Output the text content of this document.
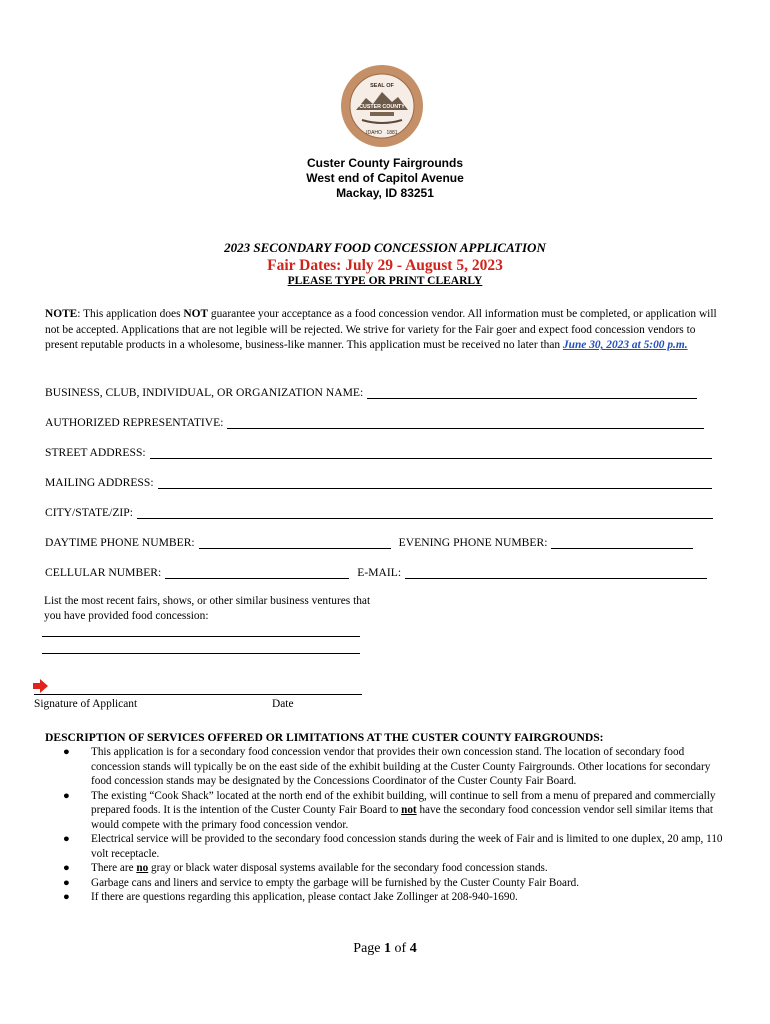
SEAL OF
CUSTER COUNTY
IDAHO 1881
Custer County Fairgrounds
West end of Capitol Avenue
Mackay, ID 83251
2023 SECONDARY FOOD CONCESSION APPLICATION
Fair Dates: July 29 - August 5, 2023
PLEASE TYPE OR PRINT CLEARLY
NOTE: This application does NOT guarantee your acceptance as a food concession vendor. All information must be completed, or application will not be accepted. Applications that are not legible will be rejected. We strive for variety for the Fair goer and expect food concession vendors to present reputable products in a wholesome, business-like manner. This application must be received no later than June 30, 2023 at 5:00 p.m.
BUSINESS, CLUB, INDIVIDUAL, OR ORGANIZATION NAME:
AUTHORIZED REPRESENTATIVE:
STREET ADDRESS:
MAILING ADDRESS:
CITY/STATE/ZIP:
DAYTIME PHONE NUMBER:	EVENING PHONE NUMBER:
CELLULAR NUMBER:	E-MAIL:
List the most recent fairs, shows, or other similar business ventures that you have provided food concession:
Signature of Applicant	Date
DESCRIPTION OF SERVICES OFFERED OR LIMITATIONS AT THE CUSTER COUNTY FAIRGROUNDS:
● This application is for a secondary food concession vendor that provides their own concession stand. The location of secondary food concession stands will typically be on the east side of the exhibit building at the Custer County Fairgrounds. Other locations for secondary food concession stands may be designated by the Concessions Coordinator of the Custer County Fair Board.
● The existing “Cook Shack” located at the north end of the exhibit building, will continue to sell from a menu of prepared and commercially prepared foods. It is the intention of the Custer County Fair Board to not have the secondary food concession vendor sell similar items that would compete with the primary food concession vendor.
● Electrical service will be provided to the secondary food concession stands during the week of Fair and is limited to one duplex, 20 amp, 110 volt receptacle.
● There are no gray or black water disposal systems available for the secondary food concession stands.
● Garbage cans and liners and service to empty the garbage will be furnished by the Custer County Fair Board.
● If there are questions regarding this application, please contact Jake Zollinger at 208-940-1690.
Page 1 of 4
